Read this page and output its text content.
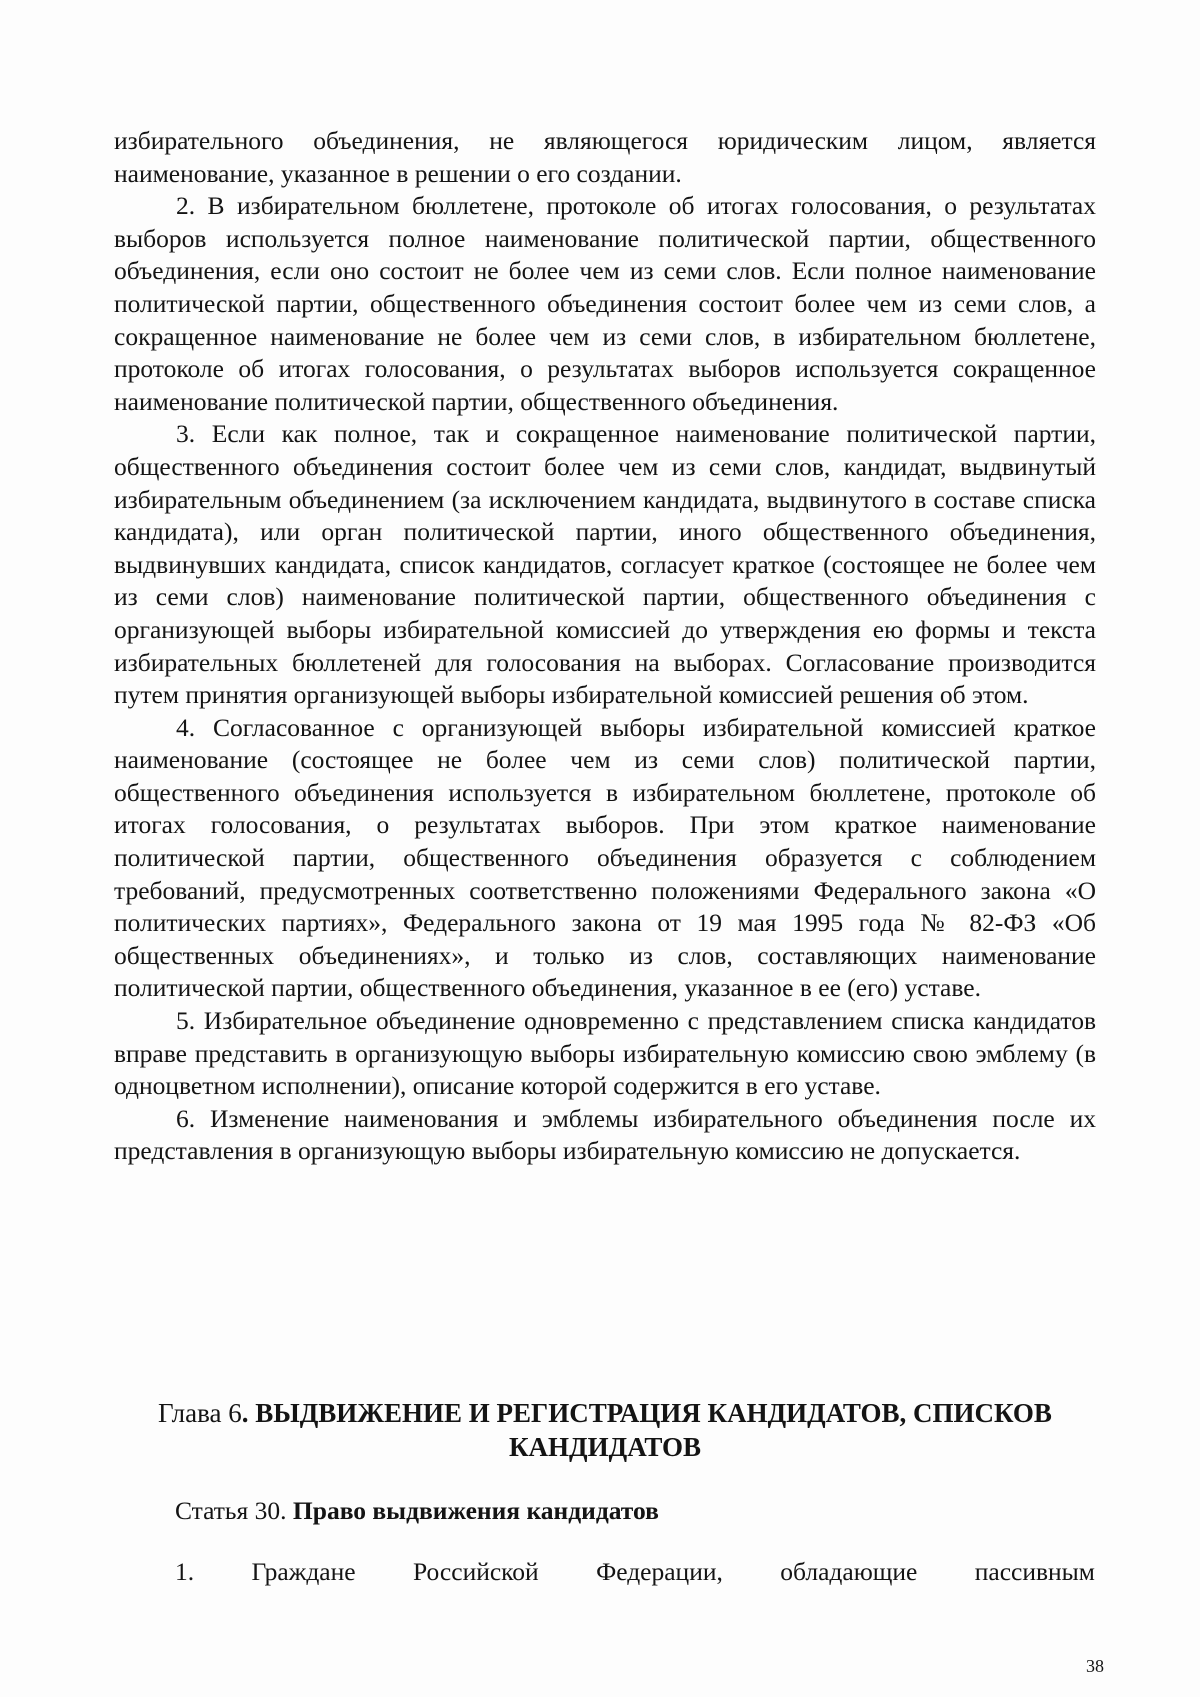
избирательного объединения, не являющегося юридическим лицом, является наименование, указанное в решении о его создании.

2. В избирательном бюллетене, протоколе об итогах голосования, о результатах выборов используется полное наименование политической партии, общественного объединения, если оно состоит не более чем из семи слов. Если полное наименование политической партии, общественного объединения состоит более чем из семи слов, а сокращенное наименование не более чем из семи слов, в избирательном бюллетене, протоколе об итогах голосования, о результатах выборов используется сокращенное наименование политической партии, общественного объединения.

3. Если как полное, так и сокращенное наименование политической партии, общественного объединения состоит более чем из семи слов, кандидат, выдвинутый избирательным объединением (за исключением кандидата, выдвинутого в составе списка кандидата), или орган политической партии, иного общественного объединения, выдвинувших кандидата, список кандидатов, согласует краткое (состоящее не более чем из семи слов) наименование политической партии, общественного объединения с организующей выборы избирательной комиссией до утверждения ею формы и текста избирательных бюллетеней для голосования на выборах. Согласование производится путем принятия организующей выборы избирательной комиссией решения об этом.

4. Согласованное с организующей выборы избирательной комиссией краткое наименование (состоящее не более чем из семи слов) политической партии, общественного объединения используется в избирательном бюллетене, протоколе об итогах голосования, о результатах выборов. При этом краткое наименование политической партии, общественного объединения образуется с соблюдением требований, предусмотренных соответственно положениями Федерального закона «О политических партиях», Федерального закона от 19 мая 1995 года № 82-ФЗ «Об общественных объединениях», и только из слов, составляющих наименование политической партии, общественного объединения, указанное в ее (его) уставе.

5. Избирательное объединение одновременно с представлением списка кандидатов вправе представить в организующую выборы избирательную комиссию свою эмблему (в одноцветном исполнении), описание которой содержится в его уставе.

6. Изменение наименования и эмблемы избирательного объединения после их представления в организующую выборы избирательную комиссию не допускается.

Глава 6. ВЫДВИЖЕНИЕ И РЕГИСТРАЦИЯ КАНДИДАТОВ, СПИСКОВ КАНДИДАТОВ
Статья 30. Право выдвижения кандидатов
1. Граждане Российской Федерации, обладающие пассивным
38
